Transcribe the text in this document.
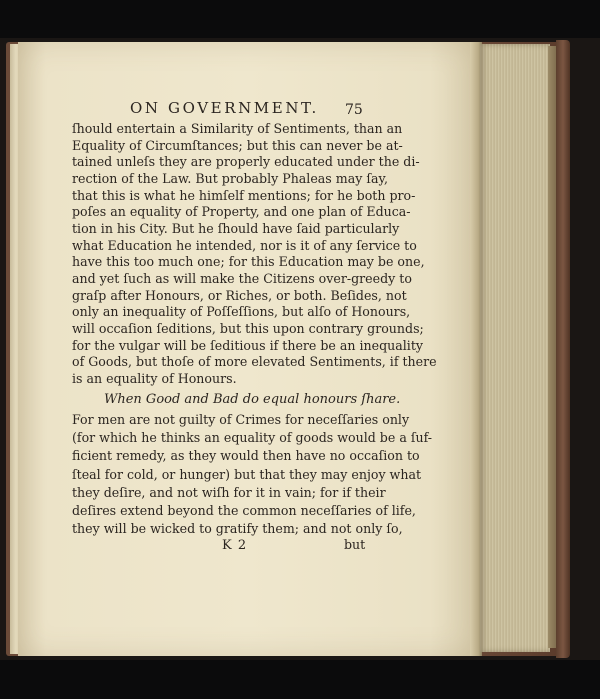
ON GOVERNMENT. 75
ſhould entertain a Similarity of Sentiments, than an
Equality of Circumſtances; but this can never be at-
tained unleſs they are properly educated under the di-
rection of the Law. But probably Phaleas may ſay,
that this is what he himſelf mentions; for he both pro-
poſes an equality of Property, and one plan of Educa-
tion in his City. But he ſhould have ſaid particularly
what Education he intended, nor is it of any ſervice to
have this too much one; for this Education may be one,
and yet ſuch as will make the Citizens over-greedy to
graſp after Honours, or Riches, or both. Beſides, not
only an inequality of Poſſeſſions, but alſo of Honours,
will occaſion ſeditions, but this upon contrary grounds;
for the vulgar will be ſeditious if there be an inequality
of Goods, but thoſe of more elevated Sentiments, if there
is an equality of Honours.
When Good and Bad do equal honours ſhare.
For men are not guilty of Crimes for neceſſaries only
(for which he thinks an equality of goods would be a ſuf-
ficient remedy, as they would then have no occaſion to
ſteal for cold, or hunger) but that they may enjoy what
they deſire, and not wiſh for it in vain; for if their
deſires extend beyond the common neceſſaries of life,
they will be wicked to gratify them; and not only ſo,
K 2	but
